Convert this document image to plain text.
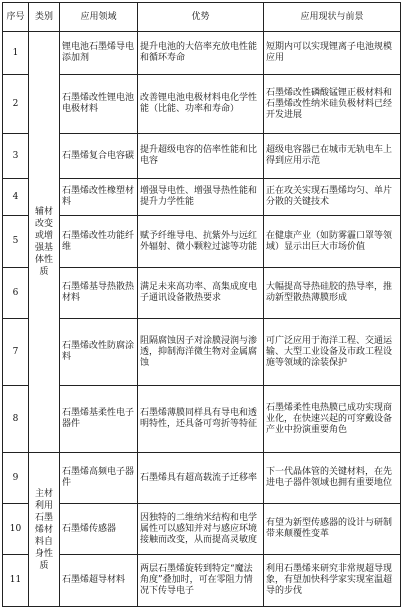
序号	类别	应用领域	优势	应用现状与前景
1	辅材改变或增强基体性质	锂电池石墨烯导电添加剂	提升电池的大倍率充放电性能和循环寿命	短期内可以实现锂离子电池规模应用
2		石墨烯改性锂电池电极材料	改善锂电池电极材料电化学性能（比能、功率和寿命）	石墨烯改性磷酸锰锂正极材料和石墨烯改性纳米硅负极材料已经开发进展
3		石墨烯复合电容碳	提升超级电容的倍率性能和比电容	超级电容器已在城市无轨电车上得到应用示范
4		石墨烯改性橡塑材料	增强导电性、增强导热性能和提升力学性能	正在攻关实现石墨烯均匀、单片分散的关键技术
5		石墨烯改性功能纤维	赋予纤维导电、抗紫外与远红外辐射、微小颗粒过滤等功能	在健康产业（如防雾霾口罩等领域）显示出巨大市场价值
6		石墨烯基导热散热材料	满足未来高功率、高集成度电子通讯设备散热要求	大幅提高导热硅胶的热导率，推动新型散热薄膜形成
7		石墨烯改性防腐涂料	阻隔腐蚀因子对涂膜浸润与渗透，抑制海洋微生物对金属腐蚀	可广泛应用于海洋工程、交通运输、大型工业设备及市政工程设施等领域的涂装保护
8		石墨烯基柔性电子器件	石墨烯薄膜同样具有导电和透明特性，还具备可弯折等特征	石墨烯柔性电热膜已成功实现商业化，在快速兴起的可穿戴设备产业中扮演重要角色
9	主材利用石墨烯材料自身性质	石墨烯高频电子器件	石墨烯具有超高载流子迁移率	下一代晶体管的关键材料，在先进电子器件领域也拥有重要地位
10		石墨烯传感器	因独特的二维纳米结构和电学属性可以感知并对与感应环境接触而改变，从而提高灵敏度	有望为新型传感器的设计与研制带来颠覆性变革
11		石墨烯超导材料	两层石墨烯旋转到特定“魔法角度”叠加时，可在零阻力情况下传导电子	利用石墨烯来研究非常规超导现象，有望加快科学家实现室温超导的步伐
